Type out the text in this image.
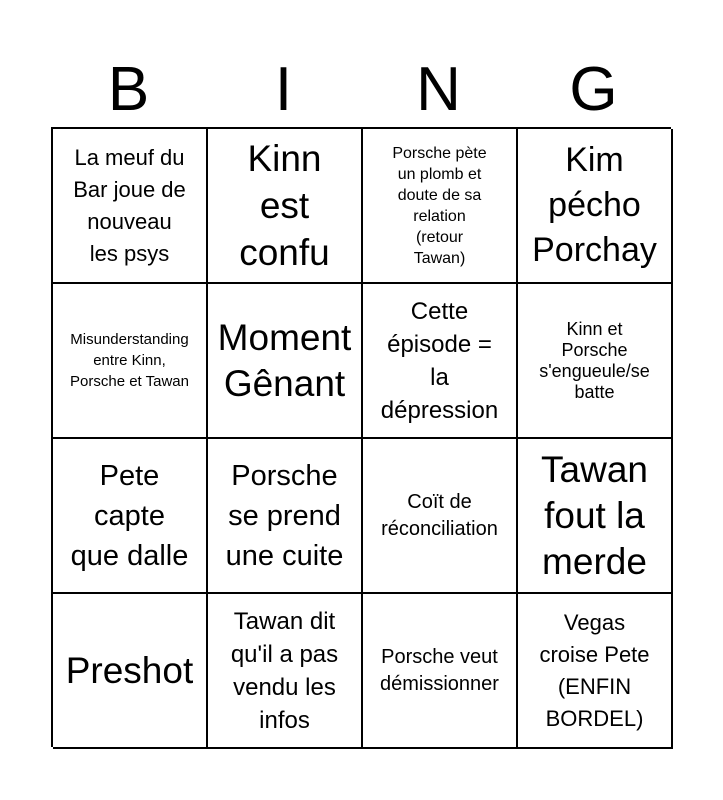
B	I	N	G
La meuf du
Bar joue de
nouveau
les psys
Kinn
est
confu
Porsche pète
un plomb et
doute de sa
relation
(retour
Tawan)
Kim
pécho
Porchay
Misunderstanding
entre Kinn,
Porsche et Tawan
Moment
Gênant
Cette
épisode =
la
dépression
Kinn et
Porsche
s'engueule/se
batte
Pete
capte
que dalle
Porsche
se prend
une cuite
Coït de
réconciliation
Tawan
fout la
merde
Preshot
Tawan dit
qu'il a pas
vendu les
infos
Porsche veut
démissionner
Vegas
croise Pete
(ENFIN
BORDEL)
